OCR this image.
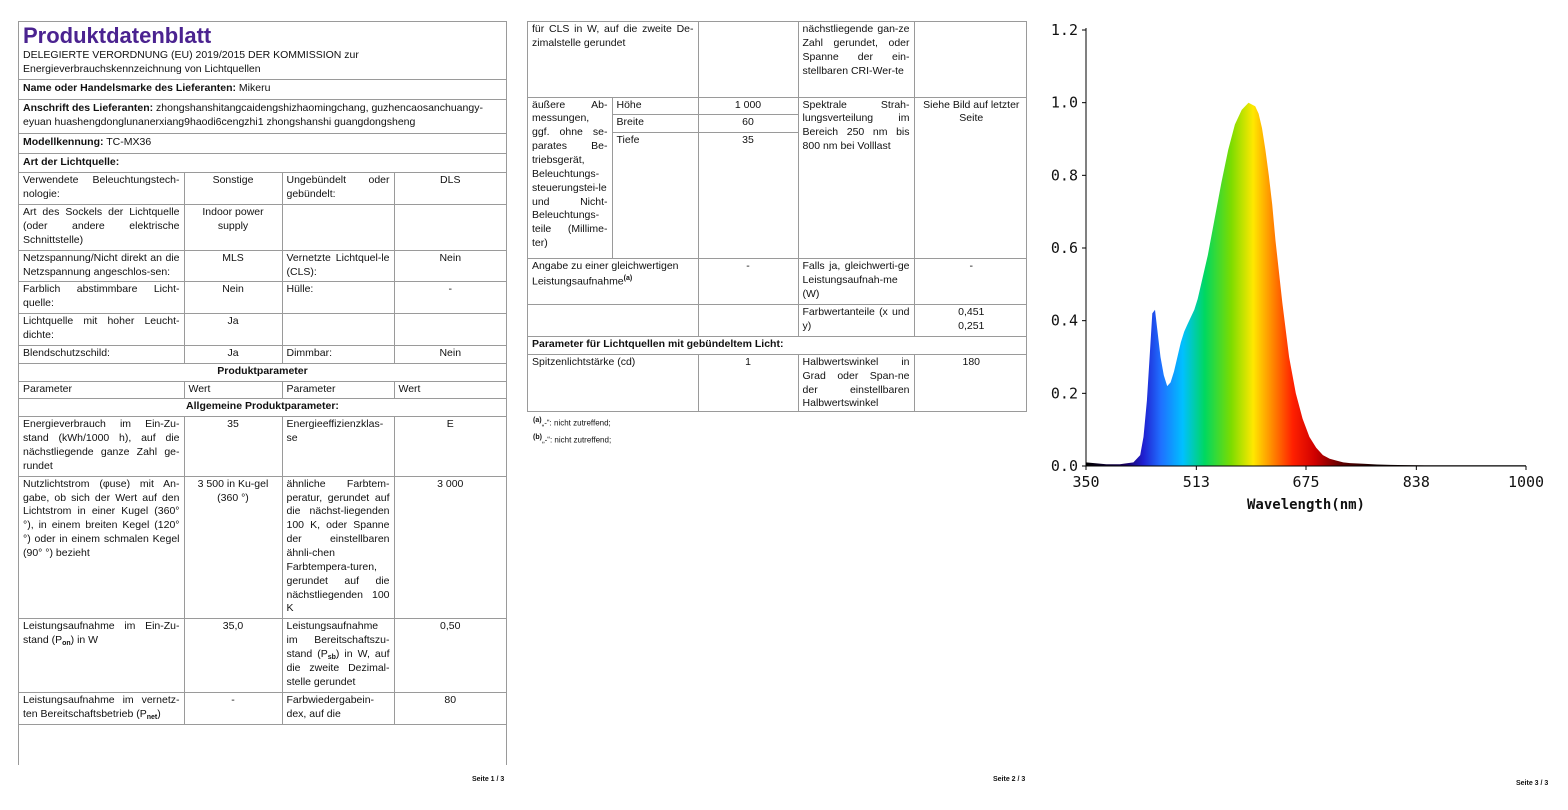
Produktdatenblatt
DELEGIERTE VERORDNUNG (EU) 2019/2015 DER KOMMISSION zur Energieverbrauchskennzeichnung von Lichtquellen
Name oder Handelsmarke des Lieferanten: Mikeru
Anschrift des Lieferanten: zhongshanshitangcaidengshizhaomingchang, guzhencaosanchuangy-eyuan huashengdonglunanerxiang9haodi6cengzhi1 zhongshanshi guangdongsheng
Modellkennung: TC-MX36
Art der Lichtquelle:
Verwendete Beleuchtungstech-nologie:	Sonstige	Ungebündelt oder gebündelt:	DLS
Art des Sockels der Lichtquelle (oder andere elektrische Schnittstelle)	Indoor power supply		
Netzspannung/Nicht direkt an die Netzspannung angeschlos-sen:	MLS	Vernetzte Lichtquel-le (CLS):	Nein
Farblich abstimmbare Licht-quelle:	Nein	Hülle:	-
Lichtquelle mit hoher Leucht-dichte:	Ja		
Blendschutzschild:	Ja	Dimmbar:	Nein
Produktparameter			
Parameter	Wert	Parameter	Wert
Allgemeine Produktparameter:			
Energieverbrauch im Ein-Zu-stand (kWh/1000 h), auf die nächstliegende ganze Zahl ge-rundet	35	Energieeffizienzklas-se	E
Nutzlichtstrom (φuse) mit An-gabe, ob sich der Wert auf den Lichtstrom in einer Kugel (360° °), in einem breiten Kegel (120° °) oder in einem schmalen Kegel (90° °) bezieht	3 500 in Ku-gel (360 °)	ähnliche Farbtem-peratur, gerundet auf die nächst-liegenden 100 K, oder Spanne der einstellbaren ähnli-chen Farbtempera-turen, gerundet auf die nächstliegenden 100 K	3 000
Leistungsaufnahme im Ein-Zu-stand $(P_{on})$ in W	35,0	Leistungsaufnahme im Bereitschaftszu-stand $(P_{sb})$ in W, auf die zweite Dezimal-stelle gerundet	0,50
Leistungsaufnahme im vernetz-ten Bereitschaftsbetrieb $(P_{net})$	-	Farbwiedergabein-dex, auf die	80
Seite 1 / 3
für CLS in W, auf die zweite De-zimalstelle gerundet			nächstliegende gan-ze Zahl gerundet, oder Spanne der ein-stellbaren CRI-Wer-te	
äußere Ab-messungen, ggf. ohne se-parates Be-triebsgerät, Beleuchtungs-steuerungstei-le und Nicht-Beleuchtungs-teile (Millime-ter)	Höhe	1 000	Spektrale Strah-lungsverteilung im Bereich 250 nm bis 800 nm bei Volllast	Siehe Bild auf letzter Seite
	Breite	60		
	Tiefe	35		
Angabe zu einer gleichwertigen Leistungsaufnahme$^{(a)}$		-	Falls ja, gleichwerti-ge Leistungsaufnah-me (W)	-
			Farbwertanteile (x und y)	0,451
0,251

Parameter für Lichtquellen mit gebündeltem Licht:				
Spitzenlichtstärke (cd)		1	Halbwertswinkel in Grad oder Span-ne der einstellbaren Halbwertswinkel	180
$^{(a)}$„-“: nicht zutreffend;
$^{(b)}$„-“: nicht zutreffend;
Seite 2 / 3
0.0
0.2
0.4
0.6
0.8
1.0
1.2
350	513	675	838	1000
Wavelength(nm)
Seite 3 / 3
